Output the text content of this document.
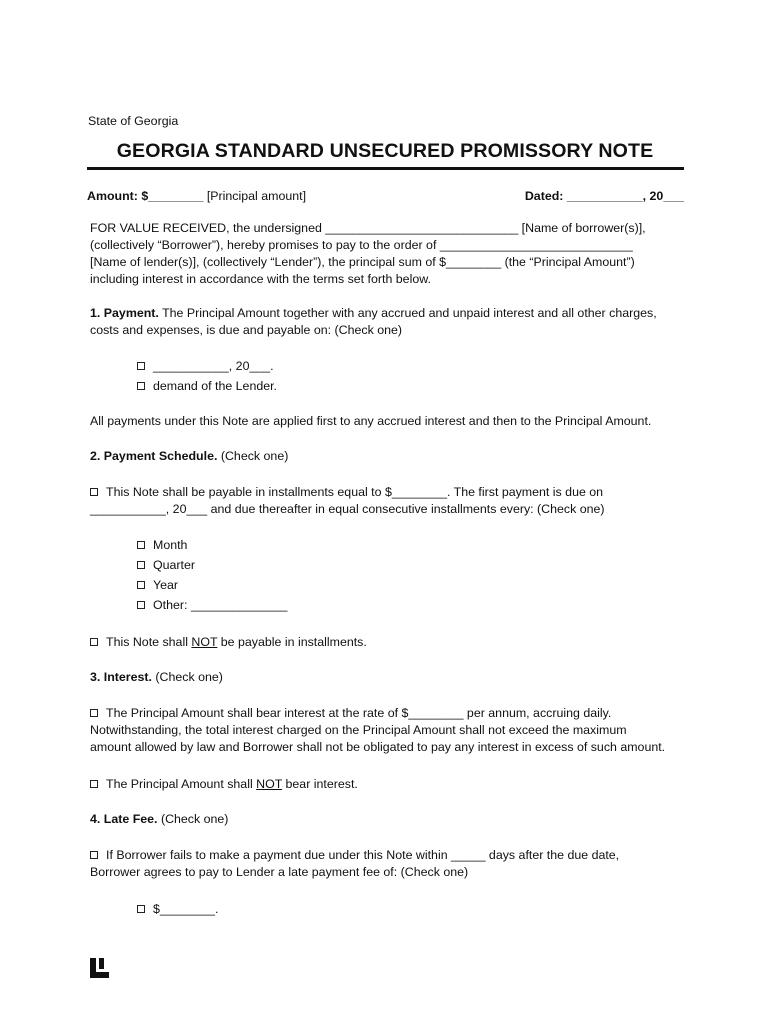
State of Georgia
GEORGIA STANDARD UNSECURED PROMISSORY NOTE
Amount: $________ [Principal amount]	Dated: ___________, 20___
FOR VALUE RECEIVED, the undersigned ____________________________ [Name of borrower(s)],
(collectively “Borrower”), hereby promises to pay to the order of ____________________________
[Name of lender(s)], (collectively “Lender”), the principal sum of $________ (the “Principal Amount”)
including interest in accordance with the terms set forth below.
1. Payment. The Principal Amount together with any accrued and unpaid interest and all other charges,
costs and expenses, is due and payable on: (Check one)
___________, 20___.
demand of the Lender.
All payments under this Note are applied first to any accrued interest and then to the Principal Amount.
2. Payment Schedule. (Check one)
This Note shall be payable in installments equal to $________. The first payment is due on
___________, 20___ and due thereafter in equal consecutive installments every: (Check one)
Month
Quarter
Year
Other: ______________
This Note shall NOT be payable in installments.
3. Interest. (Check one)
The Principal Amount shall bear interest at the rate of $________ per annum, accruing daily.
Notwithstanding, the total interest charged on the Principal Amount shall not exceed the maximum
amount allowed by law and Borrower shall not be obligated to pay any interest in excess of such amount.
The Principal Amount shall NOT bear interest.
4. Late Fee. (Check one)
If Borrower fails to make a payment due under this Note within _____ days after the due date,
Borrower agrees to pay to Lender a late payment fee of: (Check one)
$________.
